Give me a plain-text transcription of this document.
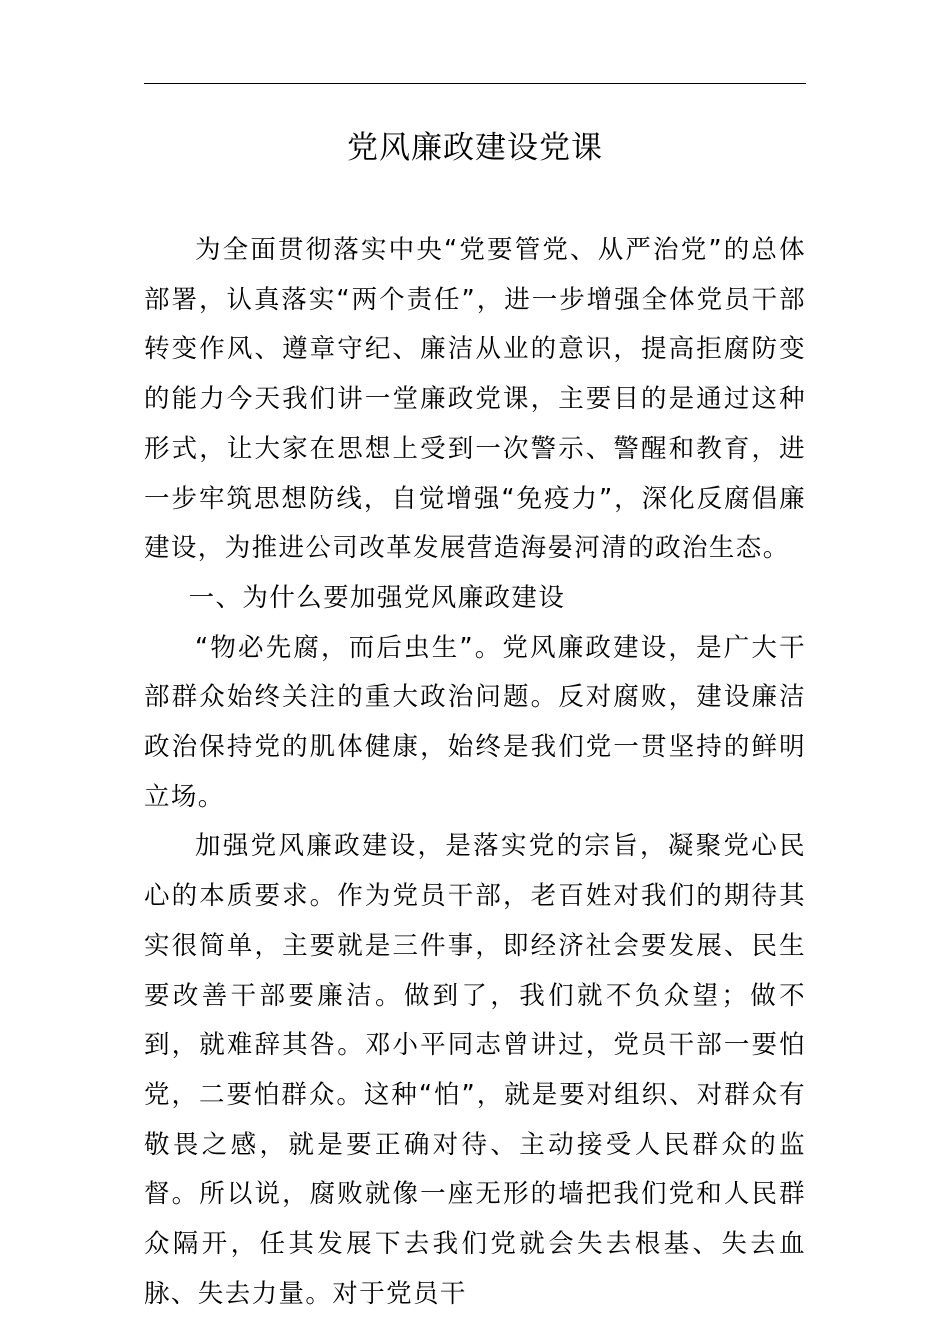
党风廉政建设党课

为全面贯彻落实中央“党要管党、从严治党”的总体部署，认真落实“两个责任”，进一步增强全体党员干部转变作风、遵章守纪、廉洁从业的意识，提高拒腐防变的能力今天我们讲一堂廉政党课，主要目的是通过这种形式，让大家在思想上受到一次警示、警醒和教育，进一步牢筑思想防线，自觉增强“免疫力”，深化反腐倡廉建设，为推进公司改革发展营造海晏河清的政治生态。

一、为什么要加强党风廉政建设

“物必先腐，而后虫生”。党风廉政建设，是广大干部群众始终关注的重大政治问题。反对腐败，建设廉洁政治保持党的肌体健康，始终是我们党一贯坚持的鲜明立场。

加强党风廉政建设，是落实党的宗旨，凝聚党心民心的本质要求。作为党员干部，老百姓对我们的期待其实很简单，主要就是三件事，即经济社会要发展、民生要改善干部要廉洁。做到了，我们就不负众望；做不到，就难辞其咎。邓小平同志曾讲过，党员干部一要怕党，二要怕群众。这种“怕”，就是要对组织、对群众有敬畏之感，就是要正确对待、主动接受人民群众的监督。所以说，腐败就像一座无形的墙把我们党和人民群众隔开，任其发展下去我们党就会失去根基、失去血脉、失去力量。对于党员干
